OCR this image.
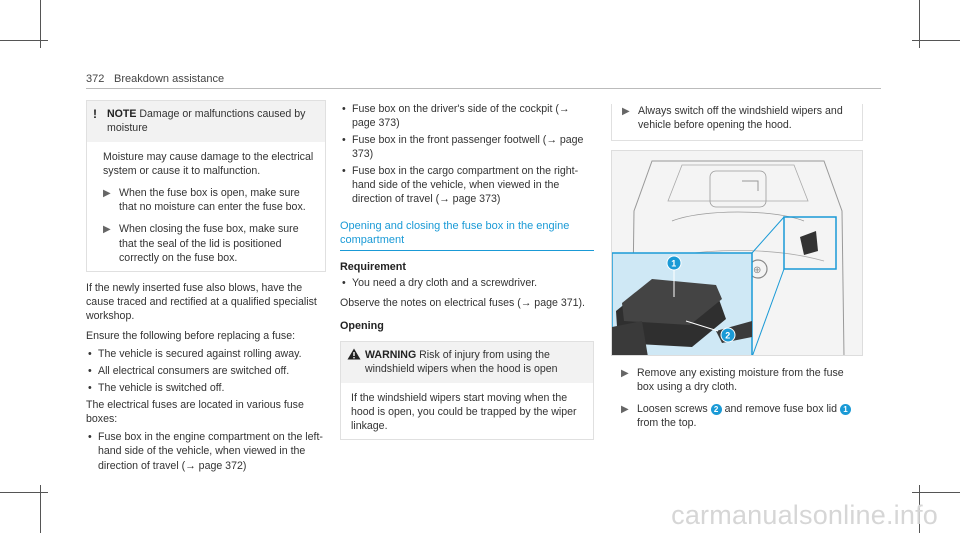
372 Breakdown assistance
! NOTE Damage or malfunctions caused by moisture
Moisture may cause damage to the electrical system or cause it to malfunction.
▶ When the fuse box is open, make sure that no moisture can enter the fuse box.
▶ When closing the fuse box, make sure that the seal of the lid is positioned correctly on the fuse box.

If the newly inserted fuse also blows, have the cause traced and rectified at a qualified specialist workshop.

Ensure the following before replacing a fuse:

• The vehicle is secured against rolling away.
• All electrical consumers are switched off.
• The vehicle is switched off.

The electrical fuses are located in various fuse boxes:

• Fuse box in the engine compartment on the left-hand side of the vehicle, when viewed in the direction of travel (→ page 372)
• Fuse box on the driver's side of the cockpit (→ page 373)
• Fuse box in the front passenger footwell (→ page 373)
• Fuse box in the cargo compartment on the right-hand side of the vehicle, when viewed in the direction of travel (→ page 373)
Opening and closing the fuse box in the engine compartment
Requirement
• You need a dry cloth and a screwdriver.

Observe the notes on electrical fuses (→ page 371).

Opening
WARNING Risk of injury from using the windshield wipers when the hood is open
If the windshield wipers start moving when the hood is open, you could be trapped by the wiper linkage.
▶ Always switch off the windshield wipers and vehicle before opening the hood.
⊕
1
2
▶ Remove any existing moisture from the fuse box using a dry cloth.
▶ Loosen screws 2 and remove fuse box lid 1 from the top.
carmanualsonline.info
